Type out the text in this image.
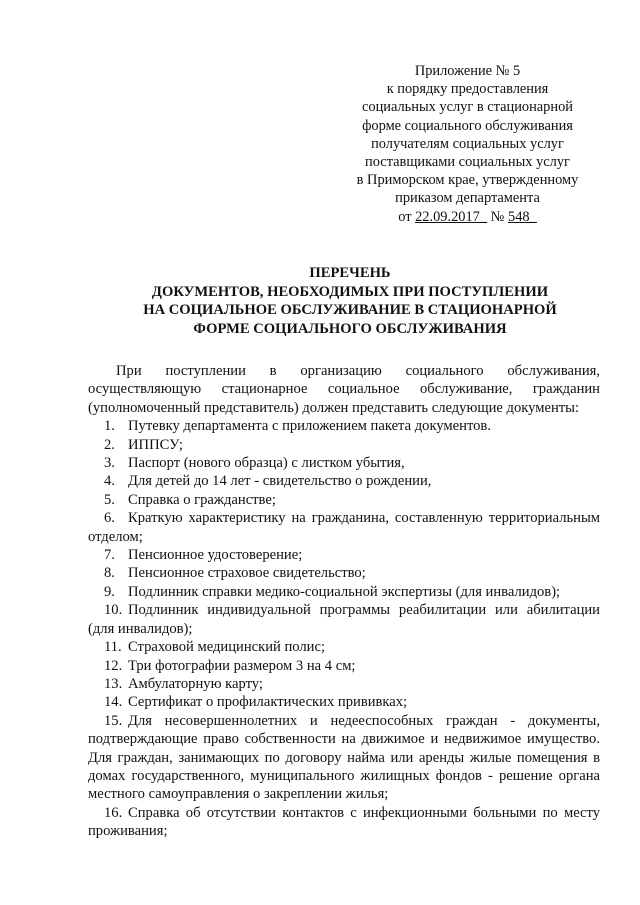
Приложение № 5
к порядку предоставления
социальных услуг в стационарной
форме социального обслуживания
получателям социальных услуг
поставщиками социальных услуг
в Приморском крае, утвержденному
приказом департамента
от 22.09.2017_ № 548_
ПЕРЕЧЕНЬ
ДОКУМЕНТОВ, НЕОБХОДИМЫХ ПРИ ПОСТУПЛЕНИИ
НА СОЦИАЛЬНОЕ ОБСЛУЖИВАНИЕ В СТАЦИОНАРНОЙ
ФОРМЕ СОЦИАЛЬНОГО ОБСЛУЖИВАНИЯ

При поступлении в организацию социального обслуживания, осуществляющую стационарное социальное обслуживание, гражданин (уполномоченный представитель) должен представить следующие документы:

1. Путевку департамента с приложением пакета документов.

2. ИППСУ;

3. Паспорт (нового образца) с листком убытия,

4. Для детей до 14 лет - свидетельство о рождении,

5. Справка о гражданстве;

6. Краткую характеристику на гражданина, составленную территориальным отделом;

7. Пенсионное удостоверение;

8. Пенсионное страховое свидетельство;

9. Подлинник справки медико-социальной экспертизы (для инвалидов);

10. Подлинник индивидуальной программы реабилитации или абилитации (для инвалидов);

11. Страховой медицинский полис;

12. Три фотографии размером 3 на 4 см;

13. Амбулаторную карту;

14. Сертификат о профилактических прививках;

15. Для несовершеннолетних и недееспособных граждан - документы, подтверждающие право собственности на движимое и недвижимое имущество. Для граждан, занимающих по договору найма или аренды жилые помещения в домах государственного, муниципального жилищных фондов - решение органа местного самоуправления о закреплении жилья;

16. Справка об отсутствии контактов с инфекционными больными по месту проживания;
